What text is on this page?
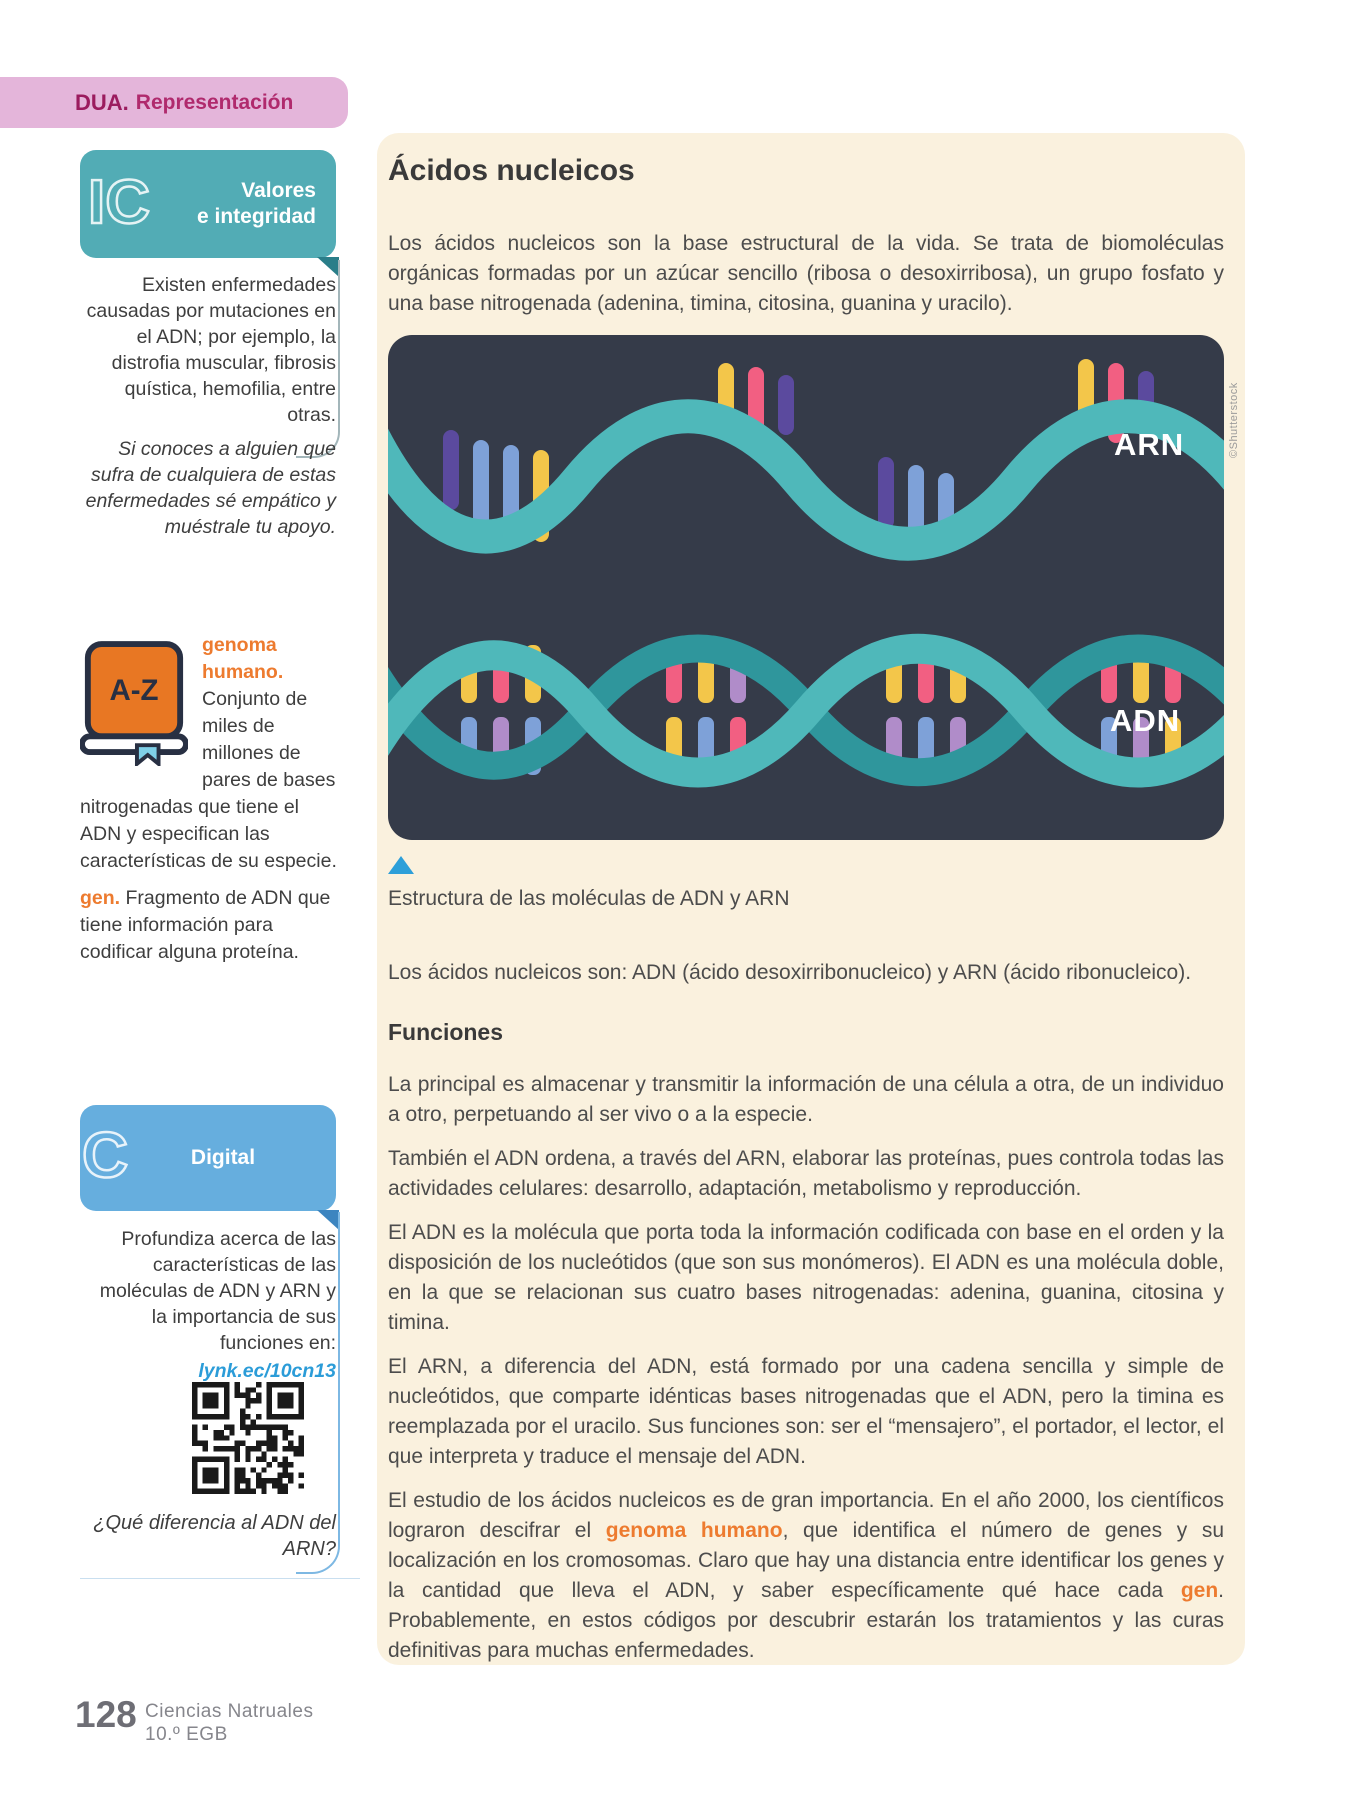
DUA. Representación
IC	Valores
e integridad
Existen enfermedades causadas por mutaciones en el ADN; por ejemplo, la distrofia muscular, fibrosis quística, hemofilia, entre otras.
Si conoces a alguien que sufra de cualquiera de estas enfermedades sé empático y muéstrale tu apoyo.
A-Z

genoma humano. Conjunto de miles de millones de pares de bases nitrogenadas que tiene el ADN y especifican las características de su especie.

gen. Fragmento de ADN que tiene información para codificar alguna proteína.

C	Digital
Profundiza acerca de las características de las moléculas de ADN y ARN y la importancia de sus funciones en:
lynk.ec/10cn13
¿Qué diferencia al ADN del ARN?
Ácidos nucleicos

Los ácidos nucleicos son la base estructural de la vida. Se trata de biomoléculas orgánicas formadas por un azúcar sencillo (ribosa o desoxirribosa), un grupo fosfato y una base nitrogenada (adenina, timina, citosina, guanina y uracilo).

ARN
ADN

Estructura de las moléculas de ADN y ARN

Los ácidos nucleicos son: ADN (ácido desoxirribonucleico) y ARN (ácido ribonucleico).

Funciones

La principal es almacenar y transmitir la información de una célula a otra, de un individuo a otro, perpetuando al ser vivo o a la especie.

También el ADN ordena, a través del ARN, elaborar las proteínas, pues controla todas las actividades celulares: desarrollo, adaptación, metabolismo y reproducción.

El ADN es la molécula que porta toda la información codificada con base en el orden y la disposición de los nucleótidos (que son sus monómeros). El ADN es una molécula doble, en la que se relacionan sus cuatro bases nitrogenadas: adenina, guanina, citosina y timina.

El ARN, a diferencia del ADN, está formado por una cadena sencilla y simple de nucleótidos, que comparte idénticas bases nitrogenadas que el ADN, pero la timina es reemplazada por el uracilo. Sus funciones son: ser el “mensajero”, el portador, el lector, el que interpreta y traduce el mensaje del ADN.

El estudio de los ácidos nucleicos es de gran importancia. En el año 2000, los científicos lograron descifrar el genoma humano, que identifica el número de genes y su localización en los cromosomas. Claro que hay una distancia entre identificar los genes y la cantidad que lleva el ADN, y saber específicamente qué hace cada gen. Probablemente, en estos códigos por descubrir estarán los tratamientos y las curas definitivas para muchas enfermedades.

©Shutterstock
128 Ciencias Natruales
10.º EGB
